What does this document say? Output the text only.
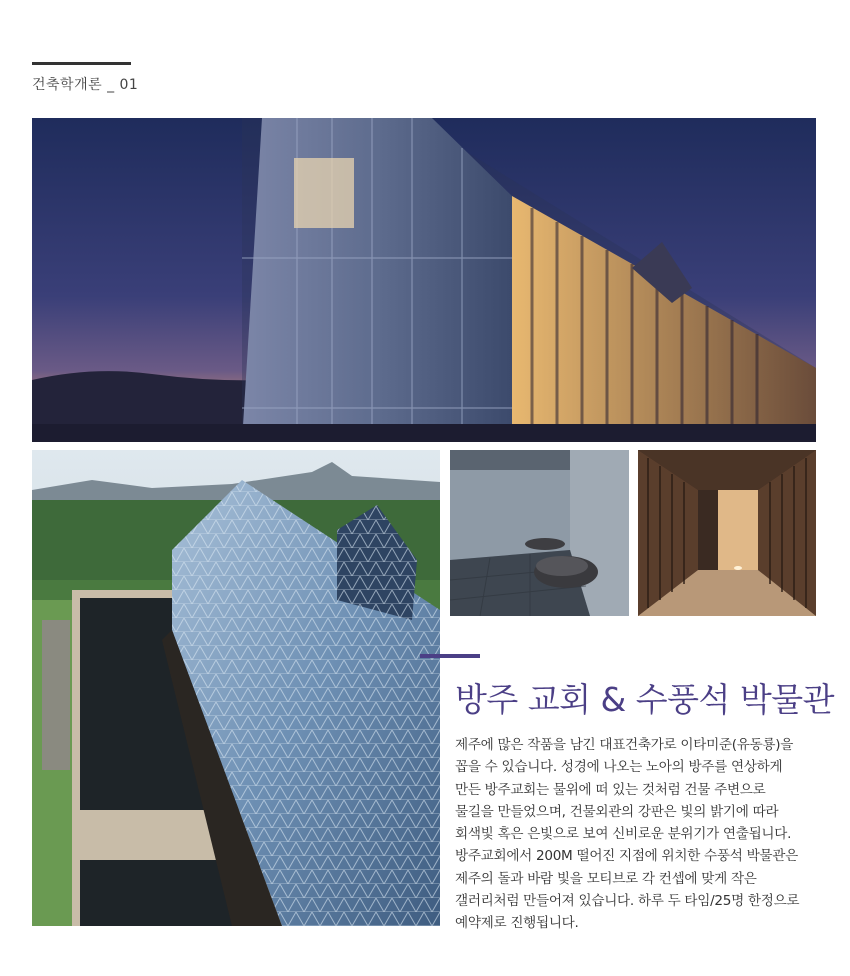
건축학개론 _ 01
방주 교회 & 수풍석 박물관

제주에 많은 작품을 남긴 대표건축가로 이타미준(유동룡)을
꼽을 수 있습니다. 성경에 나오는 노아의 방주를 연상하게
만든 방주교회는 물위에 떠 있는 것처럼 건물 주변으로
물길을 만들었으며, 건물외관의 강판은 빛의 밝기에 따라
회색빛 혹은 은빛으로 보여 신비로운 분위기가 연출됩니다.
방주교회에서 200M 떨어진 지점에 위치한 수풍석 박물관은
제주의 돌과 바람 빛을 모티브로 각 컨셉에 맞게 작은
갤러리처럼 만들어져 있습니다. 하루 두 타임/25명 한정으로
예약제로 진행됩니다.
